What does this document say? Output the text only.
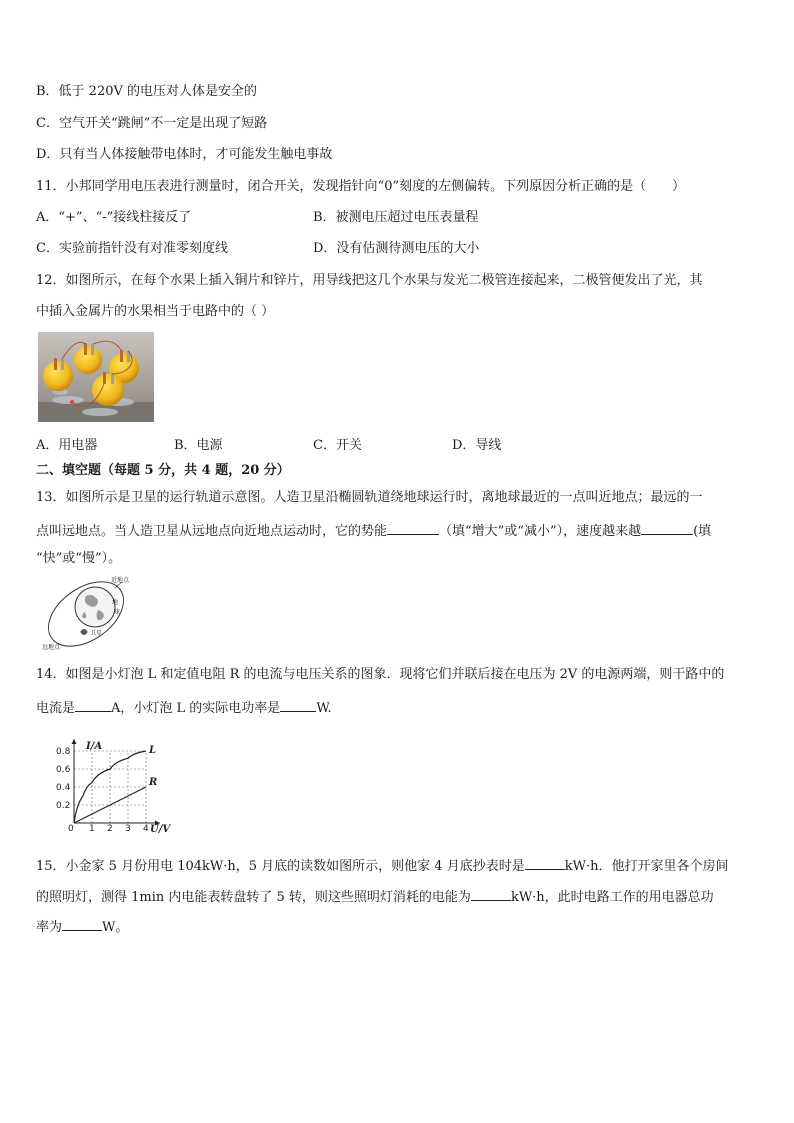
B．低于 220V 的电压对人体是安全的
C．空气开关“跳闸”不一定是出现了短路
D．只有当人体接触带电体时，才可能发生触电事故
11．小邦同学用电压表进行测量时，闭合开关，发现指针向“0”刻度的左侧偏转。下列原因分析正确的是（　　）
A．“+”、“-”接线柱接反了	B．被测电压超过电压表量程
C．实验前指针没有对准零刻度线	D．没有估测待测电压的大小
12．如图所示，在每个水果上插入铜片和锌片，用导线把这几个水果与发光二极管连接起来，二极管便发出了光，其
中插入金属片的水果相当于电路中的（ ）
A．用电器	B．电源	C．开关	D．导线
二、填空题（每题 5 分，共 4 题，20 分）
13．如图所示是卫星的运行轨道示意图。人造卫星沿椭圆轨道绕地球运行时，离地球最近的一点叫近地点；最远的一
点叫远地点。当人造卫星从远地点向近地点运动时，它的势能	（填“增大”或“减小”），速度越来越	(填
“快”或“慢”）。
近地点
地
球
卫星
远地点
14．如图是小灯泡 L 和定值电阻 R 的电流与电压关系的图象．现将它们并联后接在电压为 2V 的电源两端，则干路中的
电流是	A，小灯泡 L 的实际电功率是	W.
0 1 2 3 4
0.2
0.4
0.6
0.8	L
R
I/A
U/V
15．小金家 5 月份用电 104kW·h，5 月底的读数如图所示，则他家 4 月底抄表时是	kW·h．他打开家里各个房间
的照明灯，测得 1min 内电能表转盘转了 5 转，则这些照明灯消耗的电能为	kW·h，此时电路工作的用电器总功
率为	W。
